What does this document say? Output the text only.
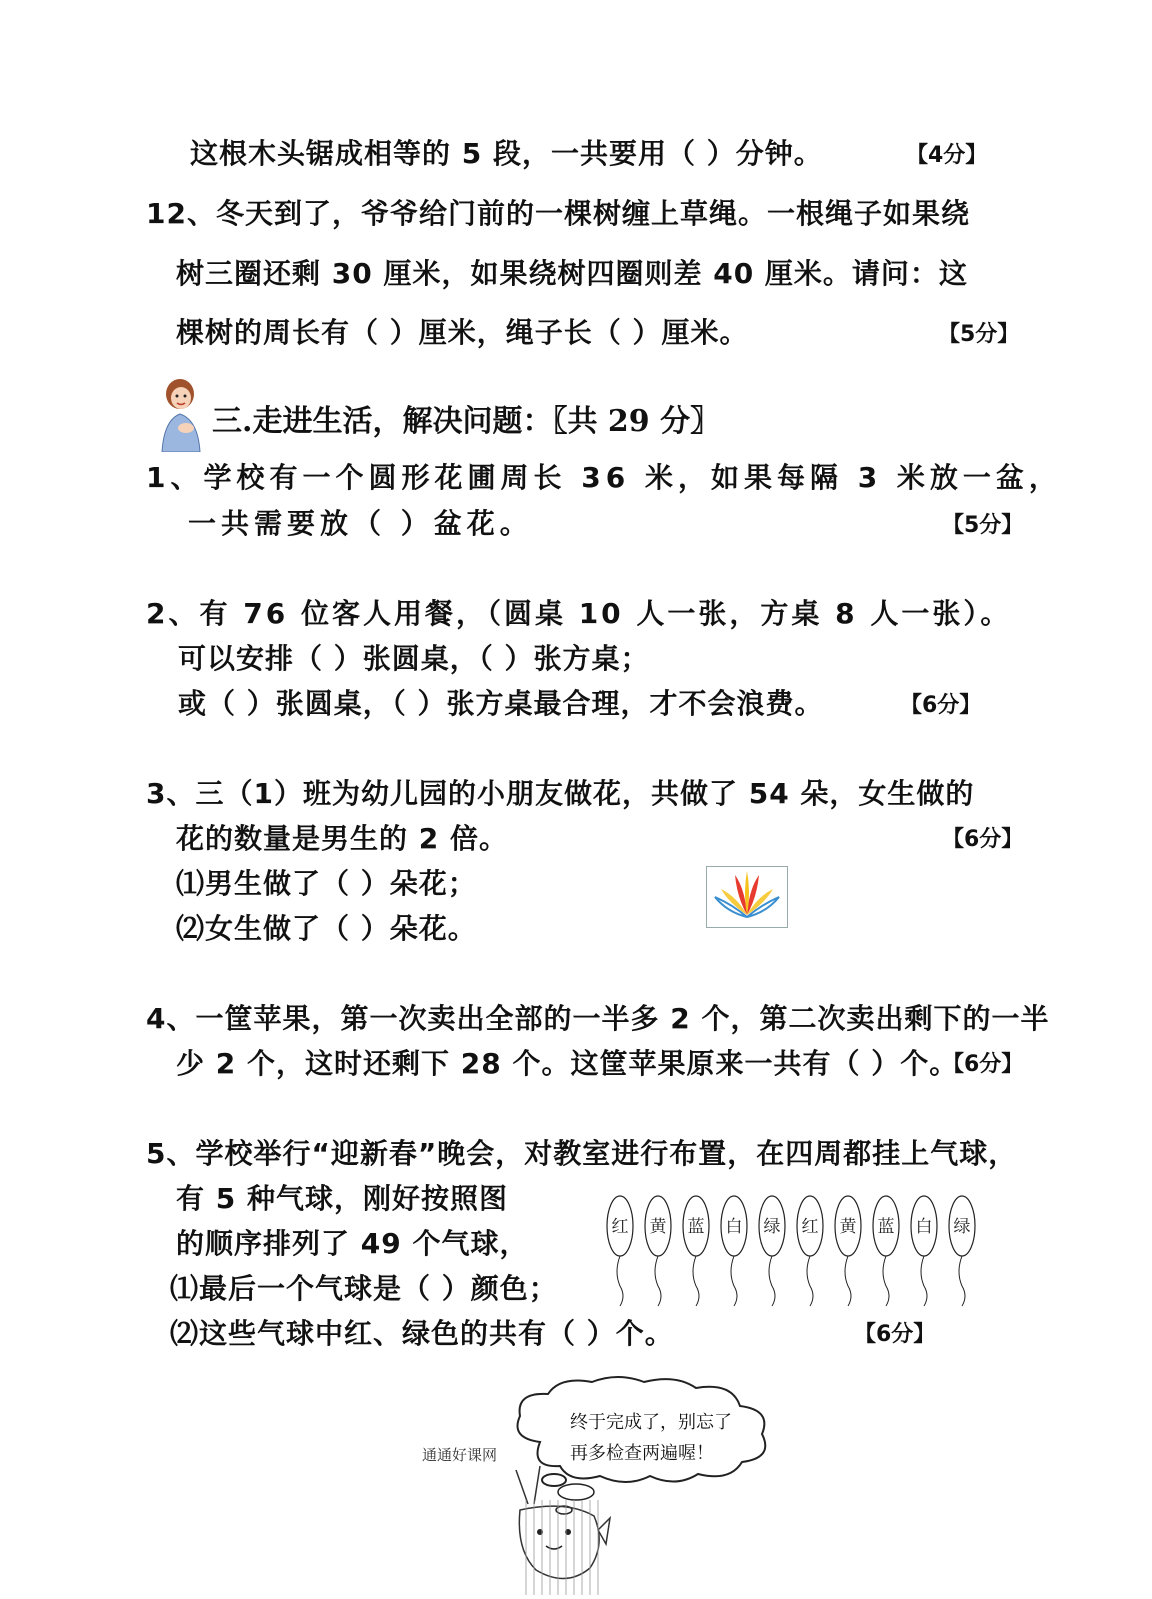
这根木头锯成相等的 5 段，一共要用（ ）分钟。	【4分】
12、冬天到了，爷爷给门前的一棵树缠上草绳。一根绳子如果绕
树三圈还剩 30 厘米，如果绕树四圈则差 40 厘米。请问：这
棵树的周长有（ ）厘米，绳子长（ ）厘米。	【5分】
三.走进生活，解决问题：〖共 29 分〗
1、学校有一个圆形花圃周长 36 米，如果每隔 3 米放一盆，
一共需要放（ ）盆花。	【5分】
2、有 76 位客人用餐，（圆桌 10 人一张，方桌 8 人一张）。
可以安排（ ）张圆桌，（ ）张方桌；
或（ ）张圆桌，（ ）张方桌最合理，才不会浪费。	【6分】
3、三（1）班为幼儿园的小朋友做花，共做了 54 朵，女生做的
花的数量是男生的 2 倍。	【6分】
⑴男生做了（ ）朵花；
⑵女生做了（ ）朵花。
4、一筐苹果，第一次卖出全部的一半多 2 个，第二次卖出剩下的一半
少 2 个，这时还剩下 28 个。这筐苹果原来一共有（ ）个。
【6分】
5、学校举行“迎新春”晚会，对教室进行布置，在四周都挂上气球，
有 5 种气球，刚好按照图
的顺序排列了 49 个气球，
⑴最后一个气球是（ ）颜色；
⑵这些气球中红、绿色的共有（ ）个。	【6分】
红 黄 蓝 白 绿 红 黄 蓝 白 绿
终于完成了，别忘了
再多检查两遍喔！
通通好课网
